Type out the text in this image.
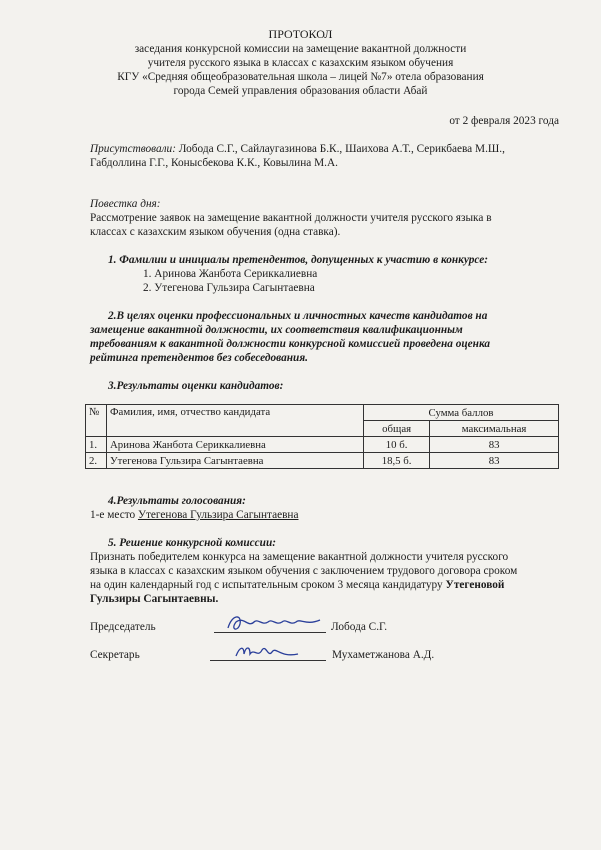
ПРОТОКОЛ
заседания конкурсной комиссии на замещение вакантной должности
учителя русского языка в классах с казахским языком обучения
КГУ «Средняя общеобразовательная школа – лицей №7» отела образования
города Семей управления образования области Абай
от 2 февраля 2023 года
Присутствовали: Лобода С.Г., Сайлаугазинова Б.К., Шаихова А.Т., Серикбаева М.Ш.,
Габдоллина Г.Г., Конысбекова К.К., Ковылина М.А.
Повестка дня:
Рассмотрение заявок на замещение вакантной должности учителя русского языка в
классах с казахским языком обучения (одна ставка).
1. Фамилии и инициалы претендентов, допущенных к участию в конкурсе:
1. Аринова Жанбота Сериккалиевна
2. Утегенова Гульзира Сагынтаевна
2.В целях оценки профессиональных и личностных качеств кандидатов на
замещение вакантной должности, их соответствия квалификационным
требованиям к вакантной должности конкурсной комиссией проведена оценка
рейтинга претендентов без собеседования.
3.Результаты оценки кандидатов:
№	Фамилия, имя, отчество кандидата	Сумма баллов	
		общая	максимальная
1.	Аринова Жанбота Сериккалиевна	10 б.	83
2.	Утегенова Гульзира Сагынтаевна	18,5 б.	83
4.Результаты голосования:
1-е место Утегенова Гульзира Сагынтаевна
5. Решение конкурсной комиссии:
Признать победителем конкурса на замещение вакантной должности учителя русского
языка в классах с казахским языком обучения с заключением трудового договора сроком
на один календарный год с испытательным сроком 3 месяца кандидатуру Утегеновой
Гульзиры Сагынтаевны.
Председатель	Лобода С.Г.
Секретарь	Мухаметжанова А.Д.
